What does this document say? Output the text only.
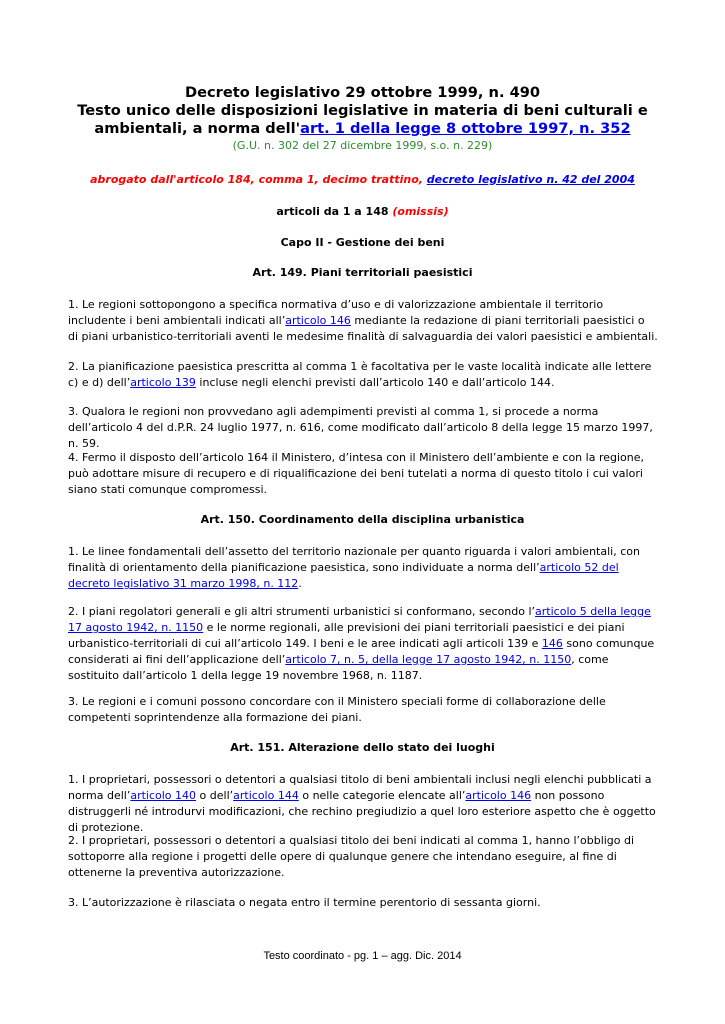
Decreto legislativo 29 ottobre 1999, n. 490
Testo unico delle disposizioni legislative in materia di beni culturali e
ambientali, a norma dell'art. 1 della legge 8 ottobre 1997, n. 352
(G.U. n. 302 del 27 dicembre 1999, s.o. n. 229)
abrogato dall'articolo 184, comma 1, decimo trattino, decreto legislativo n. 42 del 2004
articoli da 1 a 148 (omissis)
Capo II - Gestione dei beni
Art. 149. Piani territoriali paesistici
1. Le regioni sottopongono a specifica normativa d’uso e di valorizzazione ambientale il territorio includente i beni ambientali indicati all’articolo 146 mediante la redazione di piani territoriali paesistici o di piani urbanistico-territoriali aventi le medesime finalità di salvaguardia dei valori paesistici e ambientali.
2. La pianificazione paesistica prescritta al comma 1 è facoltativa per le vaste località indicate alle lettere c) e d) dell’articolo 139 incluse negli elenchi previsti dall’articolo 140 e dall’articolo 144.
3. Qualora le regioni non provvedano agli adempimenti previsti al comma 1, si procede a norma dell’articolo 4 del d.P.R. 24 luglio 1977, n. 616, come modificato dall’articolo 8 della legge 15 marzo 1997, n. 59.
4. Fermo il disposto dell’articolo 164 il Ministero, d’intesa con il Ministero dell’ambiente e con la regione, può adottare misure di recupero e di riqualificazione dei beni tutelati a norma di questo titolo i cui valori siano stati comunque compromessi.
Art. 150. Coordinamento della disciplina urbanistica
1. Le linee fondamentali dell’assetto del territorio nazionale per quanto riguarda i valori ambientali, con finalità di orientamento della pianificazione paesistica, sono individuate a norma dell’articolo 52 del decreto legislativo 31 marzo 1998, n. 112.
2. I piani regolatori generali e gli altri strumenti urbanistici si conformano, secondo l’articolo 5 della legge 17 agosto 1942, n. 1150 e le norme regionali, alle previsioni dei piani territoriali paesistici e dei piani urbanistico-territoriali di cui all’articolo 149. I beni e le aree indicati agli articoli 139 e 146 sono comunque considerati ai fini dell’applicazione dell’articolo 7, n. 5, della legge 17 agosto 1942, n. 1150, come sostituito dall’articolo 1 della legge 19 novembre 1968, n. 1187.
3. Le regioni e i comuni possono concordare con il Ministero speciali forme di collaborazione delle competenti soprintendenze alla formazione dei piani.
Art. 151. Alterazione dello stato dei luoghi
1. I proprietari, possessori o detentori a qualsiasi titolo di beni ambientali inclusi negli elenchi pubblicati a norma dell’articolo 140 o dell’articolo 144 o nelle categorie elencate all’articolo 146 non possono distruggerli né introdurvi modificazioni, che rechino pregiudizio a quel loro esteriore aspetto che è oggetto di protezione.
2. I proprietari, possessori o detentori a qualsiasi titolo dei beni indicati al comma 1, hanno l’obbligo di sottoporre alla regione i progetti delle opere di qualunque genere che intendano eseguire, al fine di ottenerne la preventiva autorizzazione.
3. L’autorizzazione è rilasciata o negata entro il termine perentorio di sessanta giorni.
Testo coordinato - pg. 1 – agg. Dic. 2014
